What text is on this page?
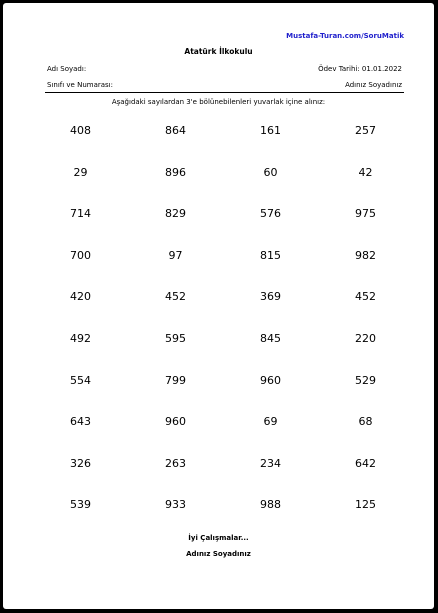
Mustafa-Turan.com/SoruMatik
Atatürk İlkokulu
Adı Soyadı:	Ödev Tarihi: 01.01.2022
Sınıfı ve Numarası:	Adınız Soyadınız
Aşağıdaki sayılardan 3'e bölünebilenleri yuvarlak içine alınız:
408	864	161	257
29	896	60	42
714	829	576	975
700	97	815	982
420	452	369	452
492	595	845	220
554	799	960	529
643	960	69	68
326	263	234	642
539	933	988	125
İyi Çalışmalar...
Adınız Soyadınız
